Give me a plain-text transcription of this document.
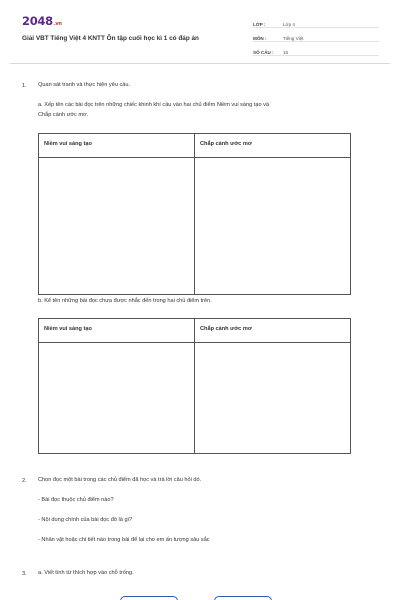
2048.vn
Giải VBT Tiếng Việt 4 KNTT Ôn tập cuối học kì 1 có đáp án
LỚP :	Lớp 4
MÔN :	Tiếng Việt
SỐ CÂU :	16
1. Quan sát tranh và thực hiện yêu cầu.
a. Xếp tên các bài đọc trên những chiếc khinh khí cầu vào hai chủ điểm Niềm vui sáng tạo và
Chắp cánh ước mơ.
Niềm vui sáng tạo	Chắp cánh ước mơ
b. Kể tên những bài đọc chưa được nhắc đến trong hai chủ điểm trên.
Niềm vui sáng tạo	Chắp cánh ước mơ
2. Chọn đọc một bài trong các chủ điểm đã học và trả lời câu hỏi dó.
- Bài đọc thuộc chủ điểm nào?
- Nội dung chính của bài đọc đó là gì?
- Nhân vật hoặc chi tiết nào trong bài để lại cho em ấn tượng sâu sắc
3. a. Viết tính từ thích hợp vào chỗ trống.
